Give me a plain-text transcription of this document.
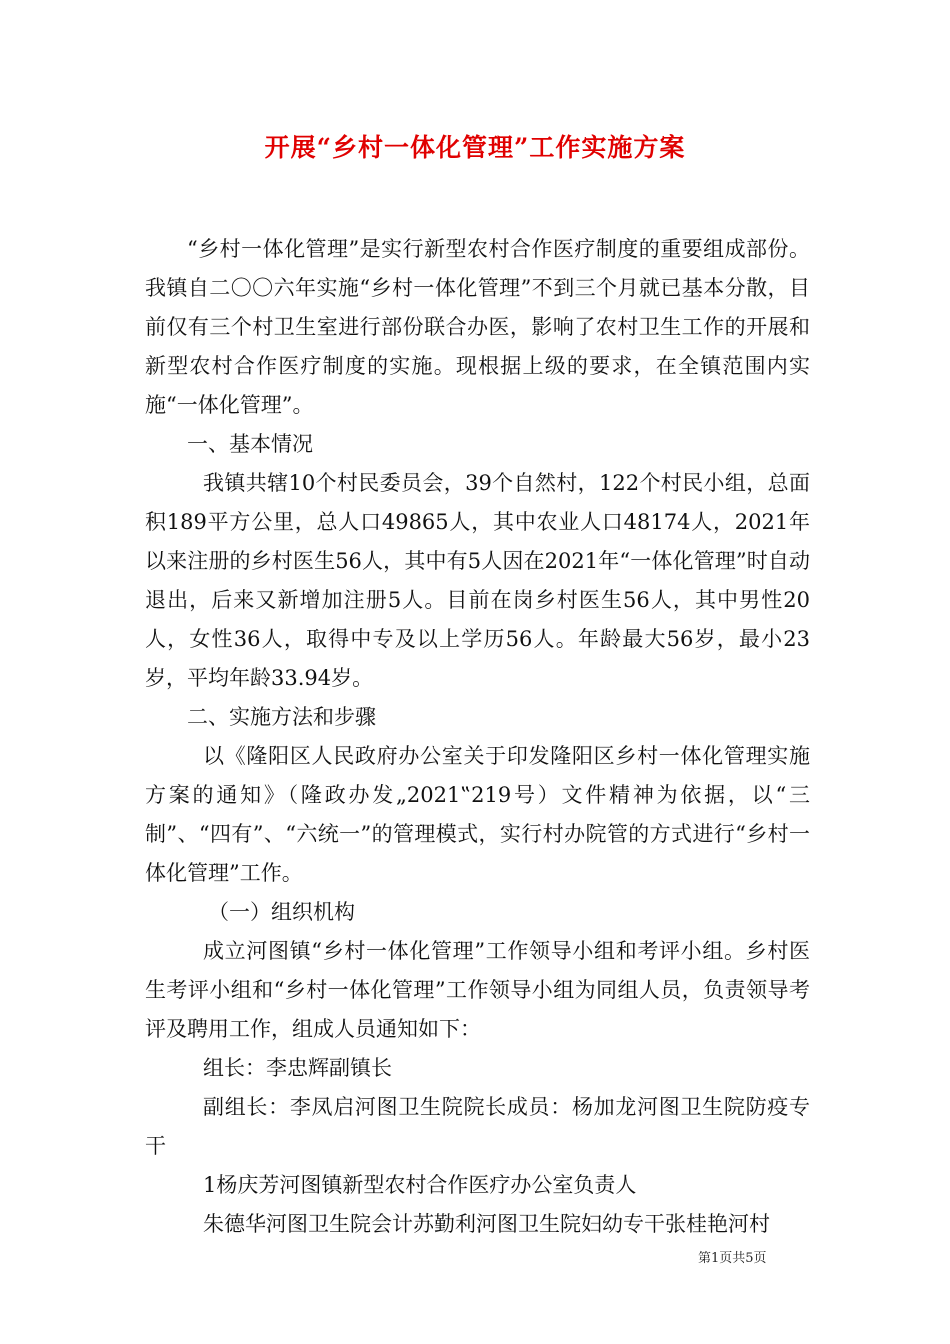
开展“乡村一体化管理”工作实施方案

“乡村一体化管理”是实行新型农村合作医疗制度的重要组成部份。我镇自二〇〇六年实施“乡村一体化管理”不到三个月就已基本分散，目前仅有三个村卫生室进行部份联合办医，影响了农村卫生工作的开展和新型农村合作医疗制度的实施。现根据上级的要求，在全镇范围内实施“一体化管理”。

一、基本情况

我镇共辖10个村民委员会，39个自然村，122个村民小组，总面积189平方公里，总人口49865人，其中农业人口48174人，2021年以来注册的乡村医生56人，其中有5人因在2021年“一体化管理”时自动退出，后来又新增加注册5人。目前在岗乡村医生56人，其中男性20人，女性36人，取得中专及以上学历56人。年龄最大56岁，最小23岁，平均年龄33.94岁。

二、实施方法和步骤

以《隆阳区人民政府办公室关于印发隆阳区乡村一体化管理实施方案的通知》（隆政办发„2021‟219号）文件精神为依据，以“三制”、“四有”、“六统一”的管理模式，实行村办院管的方式进行“乡村一体化管理”工作。

（一）组织机构

成立河图镇“乡村一体化管理”工作领导小组和考评小组。乡村医生考评小组和“乡村一体化管理”工作领导小组为同组人员，负责领导考评及聘用工作，组成人员通知如下：

组长：李忠辉副镇长

副组长：李凤启河图卫生院院长成员：杨加龙河图卫生院防疫专干

1杨庆芳河图镇新型农村合作医疗办公室负责人

朱德华河图卫生院会计苏勤利河图卫生院妇幼专干张桂艳河村

第1页共5页
